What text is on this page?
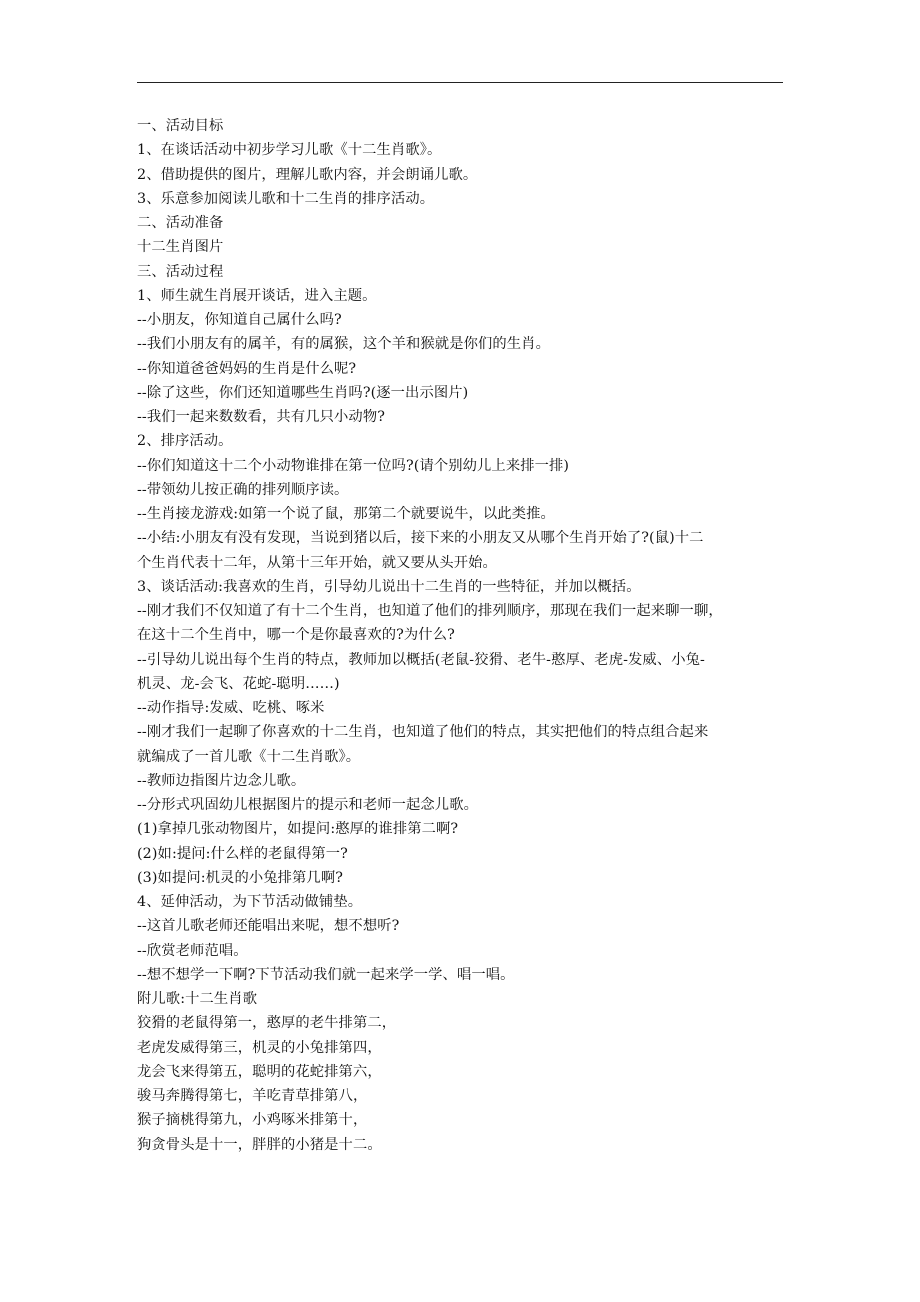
一、活动目标
1、在谈话活动中初步学习儿歌《十二生肖歌》。
2、借助提供的图片，理解儿歌内容，并会朗诵儿歌。
3、乐意参加阅读儿歌和十二生肖的排序活动。
二、活动准备
十二生肖图片
三、活动过程
1、师生就生肖展开谈话，进入主题。
--小朋友，你知道自己属什么吗?
--我们小朋友有的属羊，有的属猴，这个羊和猴就是你们的生肖。
--你知道爸爸妈妈的生肖是什么呢?
--除了这些，你们还知道哪些生肖吗?(逐一出示图片)
--我们一起来数数看，共有几只小动物?
2、排序活动。
--你们知道这十二个小动物谁排在第一位吗?(请个别幼儿上来排一排)
--带领幼儿按正确的排列顺序读。
--生肖接龙游戏:如第一个说了鼠，那第二个就要说牛，以此类推。
--小结:小朋友有没有发现，当说到猪以后，接下来的小朋友又从哪个生肖开始了?(鼠)十二
个生肖代表十二年，从第十三年开始，就又要从头开始。
3、谈话活动:我喜欢的生肖，引导幼儿说出十二生肖的一些特征，并加以概括。
--刚才我们不仅知道了有十二个生肖，也知道了他们的排列顺序，那现在我们一起来聊一聊，
在这十二个生肖中，哪一个是你最喜欢的?为什么?
--引导幼儿说出每个生肖的特点，教师加以概括(老鼠-狡猾、老牛-憨厚、老虎-发威、小兔-
机灵、龙-会飞、花蛇-聪明……)
--动作指导:发威、吃桃、啄米
--刚才我们一起聊了你喜欢的十二生肖，也知道了他们的特点，其实把他们的特点组合起来
就编成了一首儿歌《十二生肖歌》。
--教师边指图片边念儿歌。
--分形式巩固幼儿根据图片的提示和老师一起念儿歌。
(1)拿掉几张动物图片，如提问:憨厚的谁排第二啊?
(2)如:提问:什么样的老鼠得第一?
(3)如提问:机灵的小兔排第几啊?
4、延伸活动，为下节活动做铺垫。
--这首儿歌老师还能唱出来呢，想不想听?
--欣赏老师范唱。
--想不想学一下啊?下节活动我们就一起来学一学、唱一唱。
附儿歌:十二生肖歌
狡猾的老鼠得第一，憨厚的老牛排第二，
老虎发威得第三，机灵的小兔排第四，
龙会飞来得第五，聪明的花蛇排第六，
骏马奔腾得第七，羊吃青草排第八，
猴子摘桃得第九，小鸡啄米排第十，
狗贪骨头是十一，胖胖的小猪是十二。
